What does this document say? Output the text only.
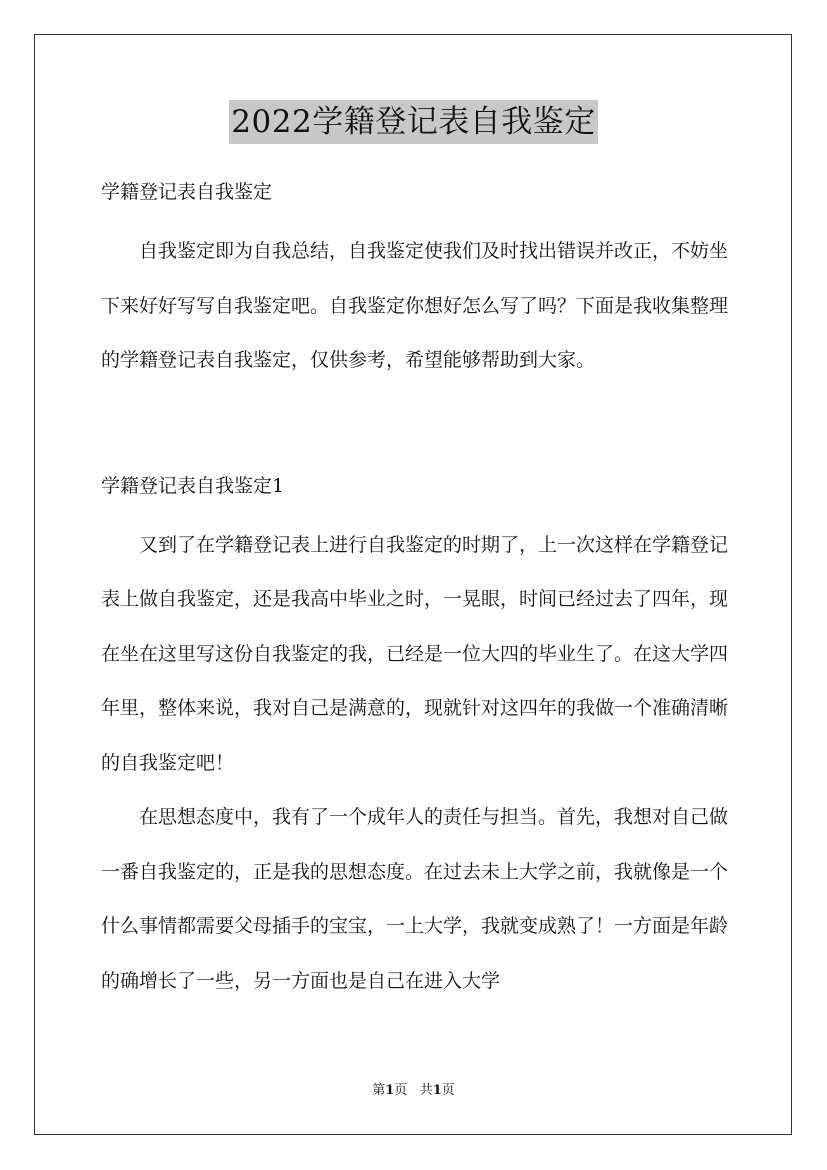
2022学籍登记表自我鉴定

学籍登记表自我鉴定

自我鉴定即为自我总结，自我鉴定使我们及时找出错误并改正，不妨坐下来好好写写自我鉴定吧。自我鉴定你想好怎么写了吗？下面是我收集整理的学籍登记表自我鉴定，仅供参考，希望能够帮助到大家。

学籍登记表自我鉴定1

又到了在学籍登记表上进行自我鉴定的时期了，上一次这样在学籍登记表上做自我鉴定，还是我高中毕业之时，一晃眼，时间已经过去了四年，现在坐在这里写这份自我鉴定的我，已经是一位大四的毕业生了。在这大学四年里，整体来说，我对自己是满意的，现就针对这四年的我做一个准确清晰的自我鉴定吧！

在思想态度中，我有了一个成年人的责任与担当。首先，我想对自己做一番自我鉴定的，正是我的思想态度。在过去未上大学之前，我就像是一个什么事情都需要父母插手的宝宝，一上大学，我就变成熟了！一方面是年龄的确增长了一些，另一方面也是自己在进入大学

第1页 共1页
